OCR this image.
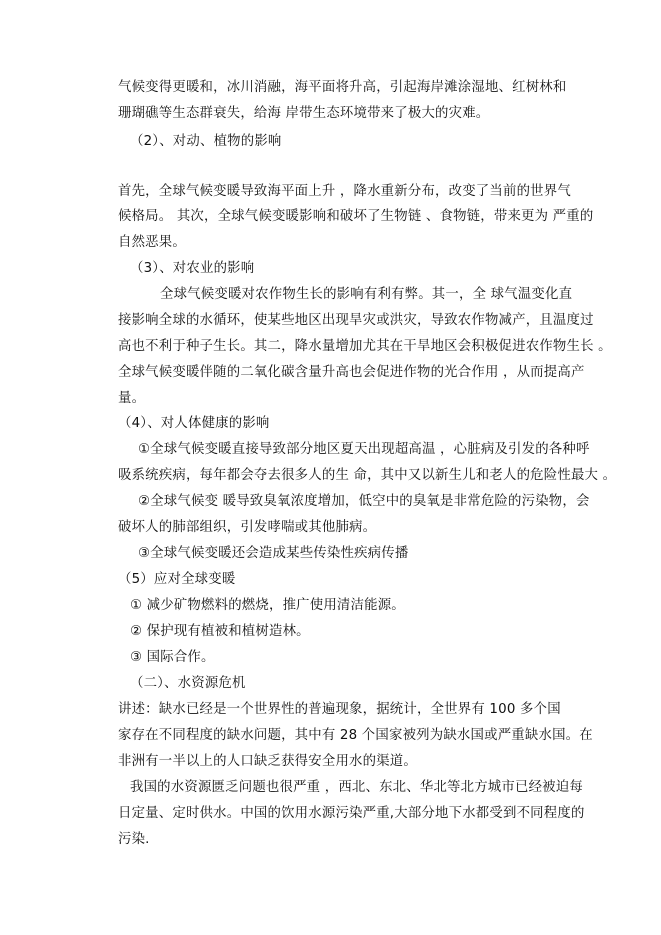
气候变得更暖和，冰川消融，海平面将升高，引起海岸滩涂湿地、红树林和
珊瑚礁等生态群衰失，给海 岸带生态环境带来了极大的灾难。
（2）、对动、植物的影响
首先，全球气候变暖导致海平面上升 ，降水重新分布，改变了当前的世界气
候格局。 其次，全球气候变暖影响和破坏了生物链 、食物链，带来更为 严重的
自然恶果。
（3）、对农业的影响
全球气候变暖对农作物生长的影响有利有弊。其一，全 球气温变化直
接影响全球的水循环，使某些地区出现旱灾或洪灾，导致农作物减产，且温度过
高也不利于种子生长。其二，降水量增加尤其在干旱地区会积极促进农作物生长 。
全球气候变暖伴随的二氧化碳含量升高也会促进作物的光合作用 ，从而提高产
量。
（4）、对人体健康的影响
①全球气候变暖直接导致部分地区夏天出现超高温 ，心脏病及引发的各种呼
吸系统疾病，每年都会夺去很多人的生 命，其中又以新生儿和老人的危险性最大 。
②全球气候变 暖导致臭氧浓度增加，低空中的臭氧是非常危险的污染物，会
破坏人的肺部组织，引发哮喘或其他肺病。
③全球气候变暖还会造成某些传染性疾病传播
（5）应对全球变暖
① 减少矿物燃料的燃烧，推广使用清洁能源。
② 保护现有植被和植树造林。
③ 国际合作。
（二）、水资源危机
讲述：缺水已经是一个世界性的普遍现象，据统计，全世界有 100 多个国
家存在不同程度的缺水问题，其中有 28 个国家被列为缺水国或严重缺水国。在
非洲有一半以上的人口缺乏获得安全用水的渠道。
我国的水资源匮乏问题也很严重 ，西北、东北、华北等北方城市已经被迫每
日定量、定时供水。中国的饮用水源污染严重,大部分地下水都受到不同程度的
污染.
